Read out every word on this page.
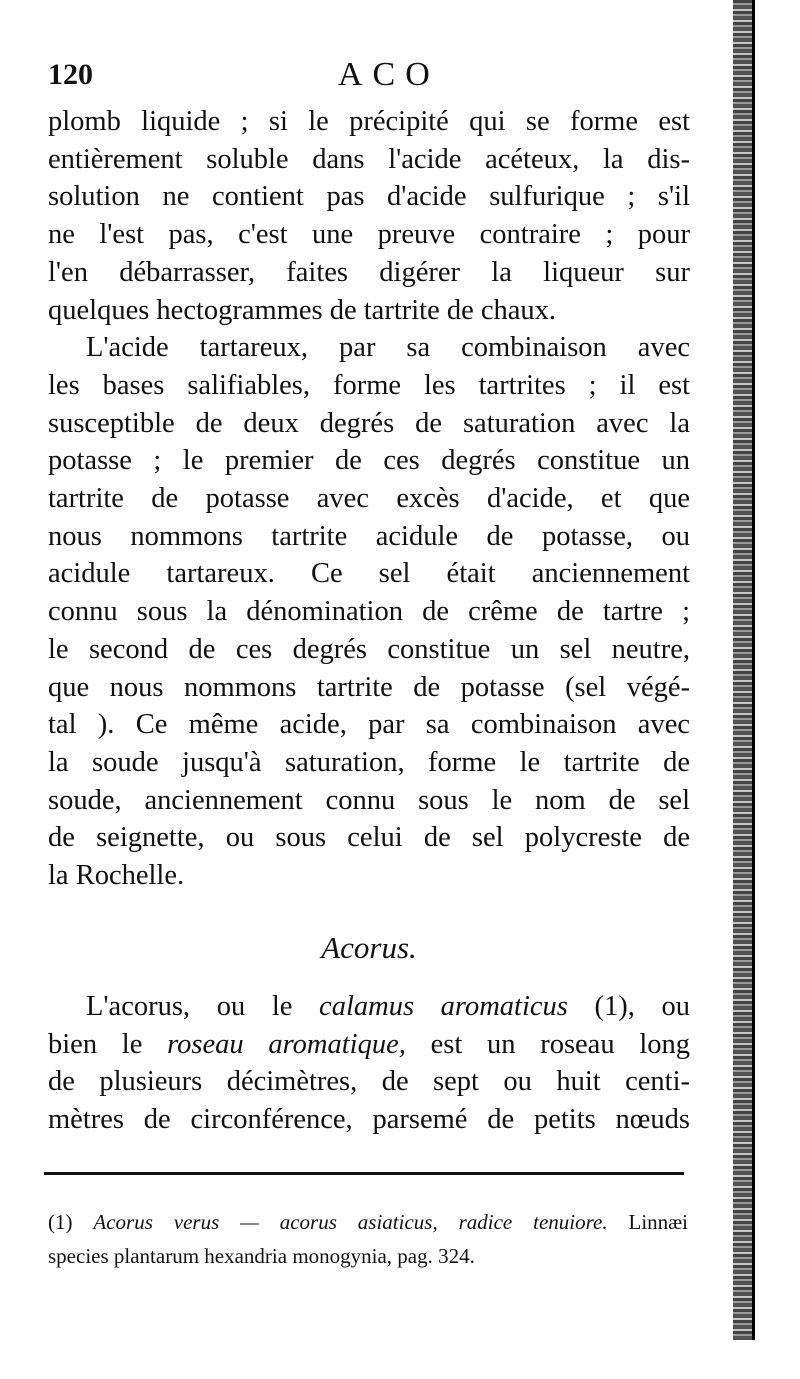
120	ACO

plomb liquide ; si le précipité qui se forme est

entièrement soluble dans l'acide acéteux, la dis-

solution ne contient pas d'acide sulfurique ; s'il

ne l'est pas, c'est une preuve contraire ; pour

l'en débarrasser, faites digérer la liqueur sur

quelques hectogrammes de tartrite de chaux.

L'acide tartareux, par sa combinaison avec

les bases salifiables, forme les tartrites ; il est

susceptible de deux degrés de saturation avec la

potasse ; le premier de ces degrés constitue un

tartrite de potasse avec excès d'acide, et que

nous nommons tartrite acidule de potasse, ou

acidule tartareux. Ce sel était anciennement

connu sous la dénomination de crême de tartre ;

le second de ces degrés constitue un sel neutre,

que nous nommons tartrite de potasse (sel végé-

tal ). Ce même acide, par sa combinaison avec

la soude jusqu'à saturation, forme le tartrite de

soude, anciennement connu sous le nom de sel

de seignette, ou sous celui de sel polycreste de

la Rochelle.

Acorus.

L'acorus, ou le calamus aromaticus (1), ou

bien le roseau aromatique, est un roseau long

de plusieurs décimètres, de sept ou huit centi-

mètres de circonférence, parsemé de petits nœuds

(1) Acorus verus — acorus asiaticus, radice tenuiore. Linnæi

species plantarum hexandria monogynia, pag. 324.
